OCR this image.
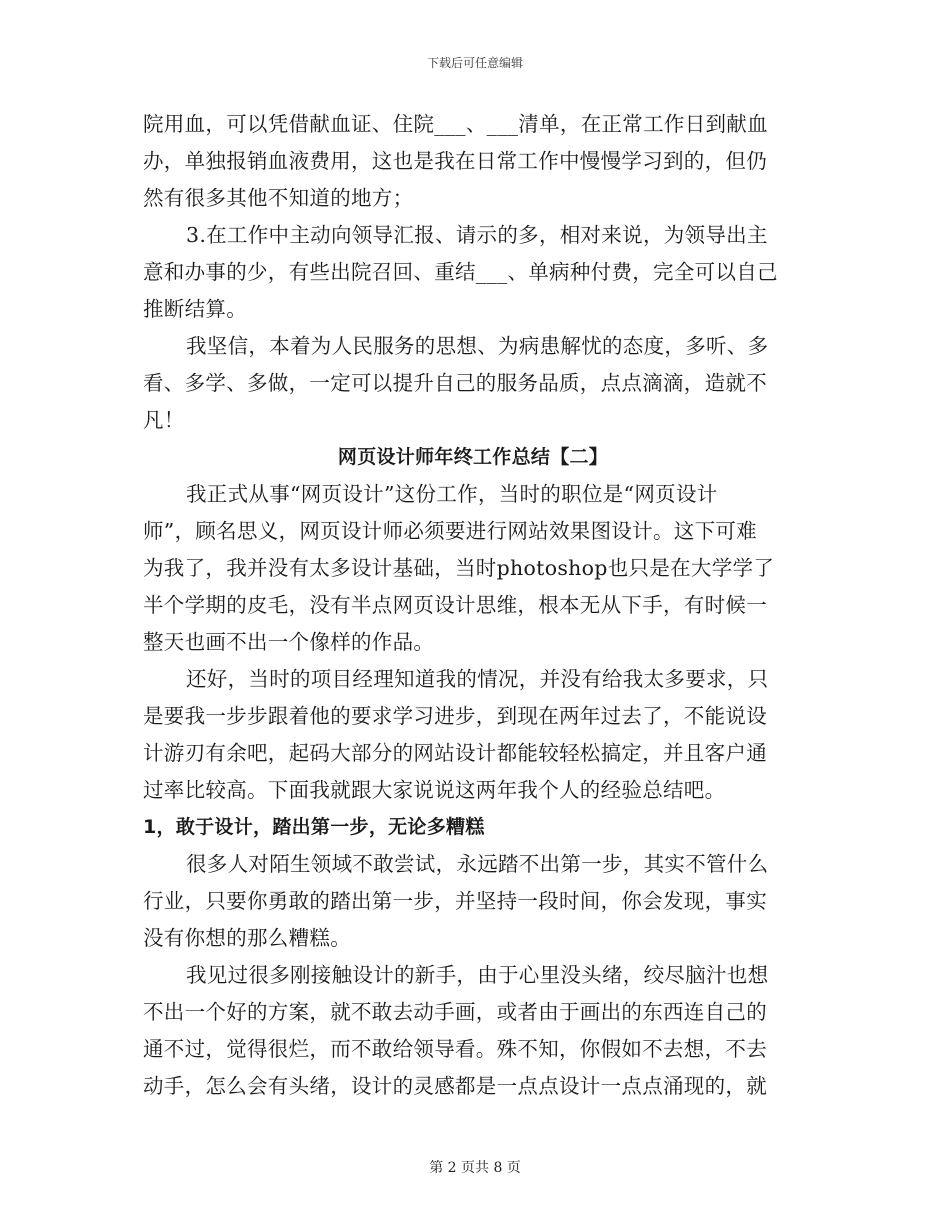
下载后可任意编辑
院用血，可以凭借献血证、住院___、___清单，在正常工作日到献血
办，单独报销血液费用，这也是我在日常工作中慢慢学习到的，但仍
然有很多其他不知道的地方；
3.在工作中主动向领导汇报、请示的多，相对来说，为领导出主
意和办事的少，有些出院召回、重结___、单病种付费，完全可以自己
推断结算。
我坚信，本着为人民服务的思想、为病患解忧的态度，多听、多
看、多学、多做，一定可以提升自己的服务品质，点点滴滴，造就不
凡！
网页设计师年终工作总结【二】
我正式从事“网页设计”这份工作，当时的职位是“网页设计
师”，顾名思义，网页设计师必须要进行网站效果图设计。这下可难
为我了，我并没有太多设计基础，当时photoshop也只是在大学学了
半个学期的皮毛，没有半点网页设计思维，根本无从下手，有时候一
整天也画不出一个像样的作品。
还好，当时的项目经理知道我的情况，并没有给我太多要求，只
是要我一步步跟着他的要求学习进步，到现在两年过去了，不能说设
计游刃有余吧，起码大部分的网站设计都能较轻松搞定，并且客户通
过率比较高。下面我就跟大家说说这两年我个人的经验总结吧。
1，敢于设计，踏出第一步，无论多糟糕
很多人对陌生领域不敢尝试，永远踏不出第一步，其实不管什么
行业，只要你勇敢的踏出第一步，并坚持一段时间，你会发现，事实
没有你想的那么糟糕。
我见过很多刚接触设计的新手，由于心里没头绪，绞尽脑汁也想
不出一个好的方案，就不敢去动手画，或者由于画出的东西连自己的
通不过，觉得很烂，而不敢给领导看。殊不知，你假如不去想，不去
动手，怎么会有头绪，设计的灵感都是一点点设计一点点涌现的，就
第 2 页共 8 页
